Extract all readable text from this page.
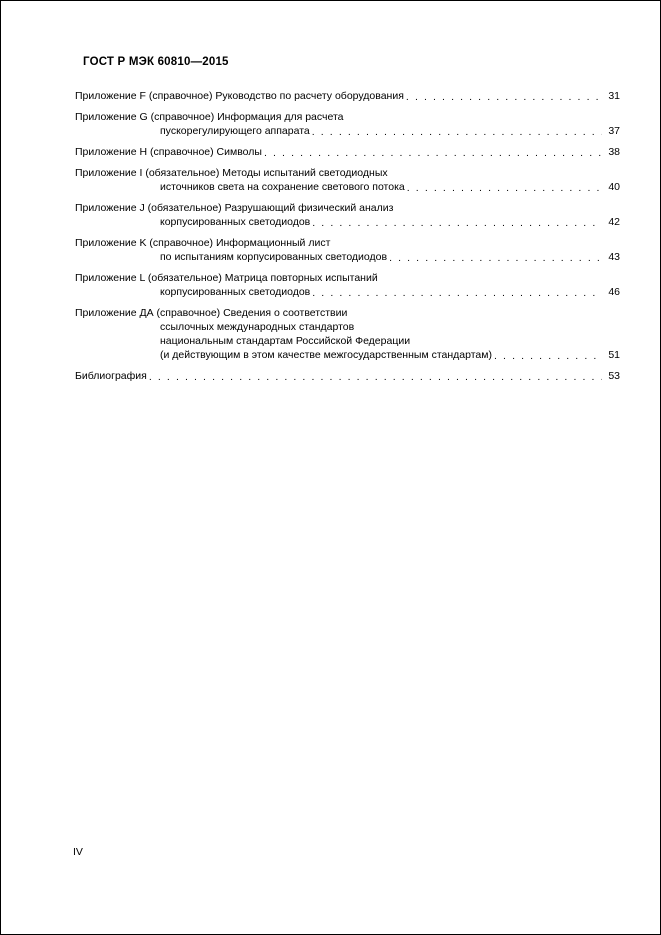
ГОСТ Р МЭК 60810—2015
Приложение F (справочное) Руководство по расчету оборудования . . .	31
Приложение G (справочное) Информация для расчета
пускорегулирующего аппарата . . .	37
Приложение H (справочное) Символы . . .	38
Приложение I (обязательное) Методы испытаний светодиодных
источников света на сохранение светового потока . . .	40
Приложение J (обязательное) Разрушающий физический анализ
корпусированных светодиодов . . .	42
Приложение K (справочное) Информационный лист
по испытаниям корпусированных светодиодов . . .	43
Приложение L (обязательное) Матрица повторных испытаний
корпусированных светодиодов . . .	46
Приложение ДА (справочное) Сведения о соответствии
ссылочных международных стандартов
национальным стандартам Российской Федерации
(и действующим в этом качестве межгосударственным стандартам) . . .	51
Библиография . . .	53
IV
